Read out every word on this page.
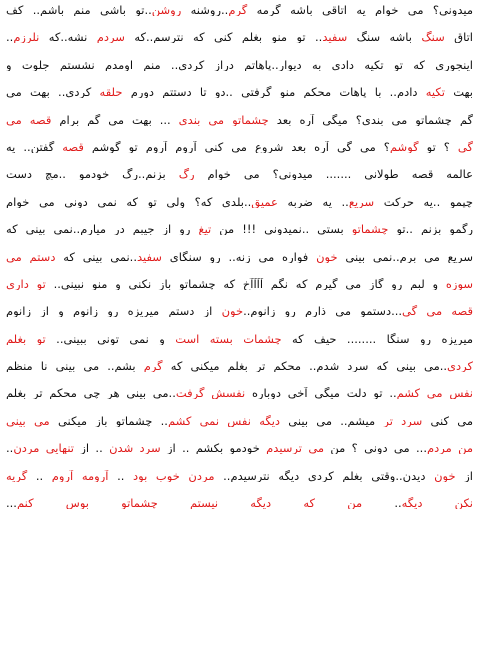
میدونی؟ می خوام یه اتاقی باشه گرمه گرم..روشنه روشن..تو باشی منم باشم.. کف
اتاق سنگ باشه سنگ سفید.. تو منو بغلم کنی که نترسم..که سردم نشه..که نلرزم..
اینجوری که تو تکیه دادی به دیوار..پاهاتم دراز کردی.. منم اومدم نشستم جلوت و
بهت تکیه دادم.. با پاهات محکم منو گرفتی ..دو تا دستتم دورم حلقه کردی.. بهت می
گم چشماتو می بندی؟ میگی آره بعد چشماتو می بندی ... بهت می گم برام قصه می
گی ؟ تو گوشم؟ می گی آره بعد شروع می کنی آروم آروم تو گوشم قصه گفتن.. یه
عالمه قصه طولانی ....... میدونی؟ می خوام رگ بزنم..رگ خودمو ..مچ دست
چپمو ..یه حرکت سریع.. یه ضربه عمیق..بلدی که؟ ولی تو که نمی دونی می خوام
رگمو بزنم ..تو چشماتو بستی ..نمیدونی !!! من تیغ رو از جیبم در میارم..نمی بینی که
سریع می برم..نمی بینی خون فواره می زنه.. رو سنگای سفید..نمی بینی که دستم می
سوزه و لبم رو گاز می گیرم که نگم آآآآخ که چشماتو باز نکنی و منو نبینی.. تو داری
قصه می گی...دستمو می ذارم رو زانوم..خون از دستم میریزه رو زانوم و از زانوم
میریزه رو سنگا ........ حیف که چشمات بسته است و نمی تونی ببینی.. تو بغلم
کردی..می بینی که سرد شدم.. محکم تر بغلم میکنی که گرم بشم.. می بینی نا منظم
نفس می کشم.. تو دلت میگی آخی دوباره نفسش گرفت..می بینی هر چی محکم تر بغلم
می کنی سرد تر میشم.. می بینی دیگه نفس نمی کشم.. چشماتو باز میکنی می بینی
من مردم... می دونی ؟ من می ترسیدم خودمو بکشم .. از سرد شدن .. از تنهایی مردن..
از خون دیدن..وقتی بغلم کردی دیگه نترسیدم.. مردن خوب بود .. آرومه آروم .. گریه
نکن دیگه.. من که دیگه نیستم چشماتو بوس کنم...
